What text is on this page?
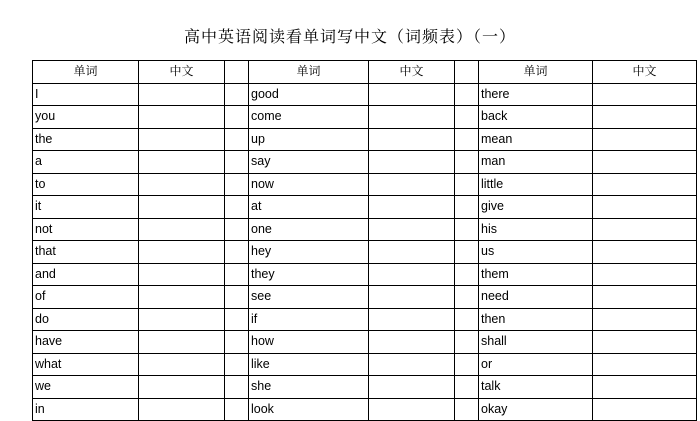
高中英语阅读看单词写中文（词频表）（一）
单词	中文		单词	中文		单词	中文
I			good			there	
you			come			back	
the			up			mean	
a			say			man	
to			now			little	
it			at			give	
not			one			his	
that			hey			us	
and			they			them	
of			see			need	
do			if			then	
have			how			shall	
what			like			or	
we			she			talk	
in			look			okay	
